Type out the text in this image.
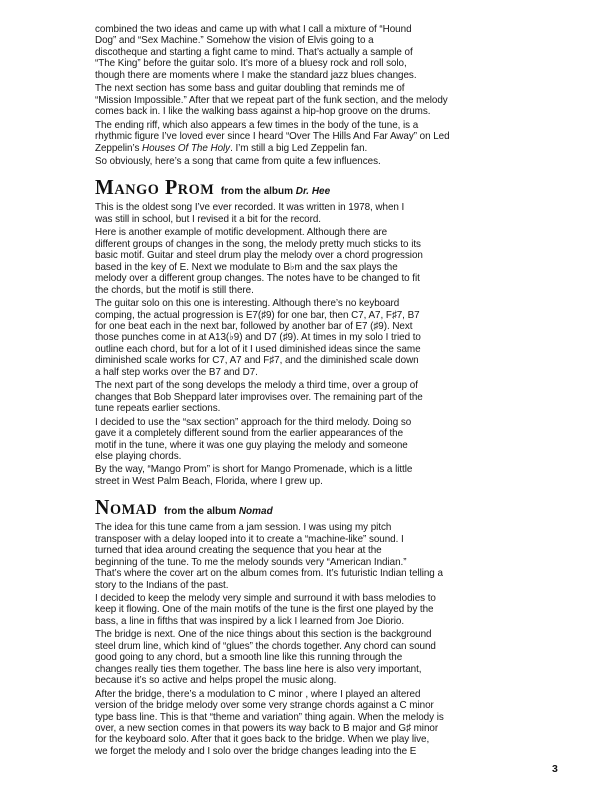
combined the two ideas and came up with what I call a mixture of “Hound
Dog” and “Sex Machine.” Somehow the vision of Elvis going to a
discotheque and starting a fight came to mind. That’s actually a sample of
“The King” before the guitar solo. It’s more of a bluesy rock and roll solo,
though there are moments where I make the standard jazz blues changes.
The next section has some bass and guitar doubling that reminds me of
“Mission Impossible.” After that we repeat part of the funk section, and the melody
comes back in. I like the walking bass against a hip-hop groove on the drums.
The ending riff, which also appears a few times in the body of the tune, is a
rhythmic figure I’ve loved ever since I heard “Over The Hills And Far Away” on Led
Zeppelin’s Houses Of The Holy. I’m still a big Led Zeppelin fan.
So obviously, here’s a song that came from quite a few influences.
Mango Prom from the album Dr. Hee
This is the oldest song I’ve ever recorded. It was written in 1978, when I
was still in school, but I revised it a bit for the record.
Here is another example of motific development. Although there are
different groups of changes in the song, the melody pretty much sticks to its
basic motif. Guitar and steel drum play the melody over a chord progression
based in the key of E. Next we modulate to B♭m and the sax plays the
melody over a different group changes. The notes have to be changed to fit
the chords, but the motif is still there.
The guitar solo on this one is interesting. Although there’s no keyboard
comping, the actual progression is E7(♯9) for one bar, then C7, A7, F♯7, B7
for one beat each in the next bar, followed by another bar of E7 (♯9). Next
those punches come in at A13(♭9) and D7 (♯9). At times in my solo I tried to
outline each chord, but for a lot of it I used diminished ideas since the same
diminished scale works for C7, A7 and F♯7, and the diminished scale down
a half step works over the B7 and D7.
The next part of the song develops the melody a third time, over a group of
changes that Bob Sheppard later improvises over. The remaining part of the
tune repeats earlier sections.
I decided to use the “sax section” approach for the third melody. Doing so
gave it a completely different sound from the earlier appearances of the
motif in the tune, where it was one guy playing the melody and someone
else playing chords.
By the way, “Mango Prom” is short for Mango Promenade, which is a little
street in West Palm Beach, Florida, where I grew up.
Nomad from the album Nomad
The idea for this tune came from a jam session. I was using my pitch
transposer with a delay looped into it to create a “machine-like” sound. I
turned that idea around creating the sequence that you hear at the
beginning of the tune. To me the melody sounds very “American Indian.”
That’s where the cover art on the album comes from. It’s futuristic Indian telling a
story to the Indians of the past.
I decided to keep the melody very simple and surround it with bass melodies to
keep it flowing. One of the main motifs of the tune is the first one played by the
bass, a line in fifths that was inspired by a lick I learned from Joe Diorio.
The bridge is next. One of the nice things about this section is the background
steel drum line, which kind of “glues” the chords together. Any chord can sound
good going to any chord, but a smooth line like this running through the
changes really ties them together. The bass line here is also very important,
because it’s so active and helps propel the music along.
After the bridge, there’s a modulation to C minor , where I played an altered
version of the bridge melody over some very strange chords against a C minor
type bass line. This is that “theme and variation” thing again. When the melody is
over, a new section comes in that powers its way back to B major and G♯ minor
for the keyboard solo. After that it goes back to the bridge. When we play live,
we forget the melody and I solo over the bridge changes leading into the E
3
